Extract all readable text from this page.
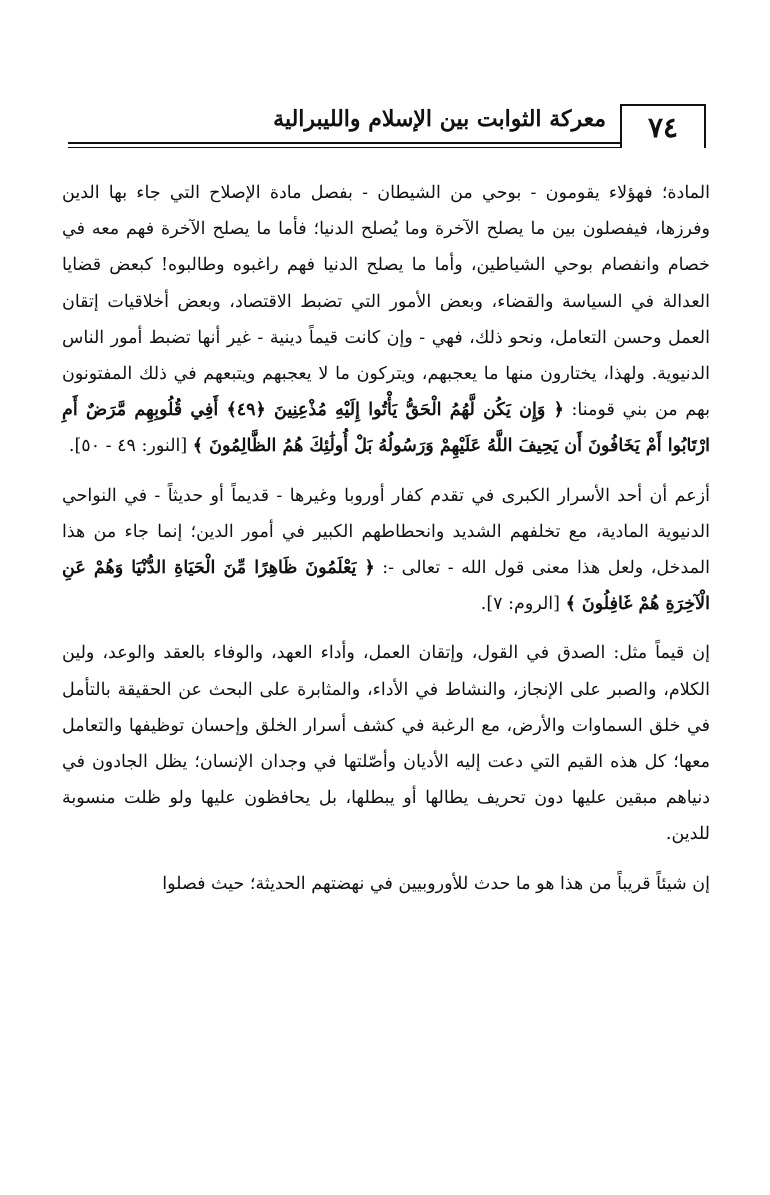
٧٤
معركة الثوابت بين الإسلام والليبرالية

المادة؛ فهؤلاء يقومون - بوحي من الشيطان - بفصل مادة الإصلاح التي جاء بها الدين وفرزها، فيفصلون بين ما يصلح الآخرة وما يُصلح الدنيا؛ فأما ما يصلح الآخرة فهم معه في خصام وانفصام بوحي الشياطين، وأما ما يصلح الدنيا فهم راغبوه وطالبوه! كبعض قضايا العدالة في السياسة والقضاء، وبعض الأمور التي تضبط الاقتصاد، وبعض أخلاقيات إتقان العمل وحسن التعامل، ونحو ذلك، فهي - وإن كانت قيماً دينية - غير أنها تضبط أمور الناس الدنيوية. ولهذا، يختارون منها ما يعجبهم، ويتركون ما لا يعجبهم ويتبعهم في ذلك المفتونون بهم من بني قومنا: ﴿ وَإِن يَكُن لَّهُمُ الْحَقُّ يَأْتُوا إِلَيْهِ مُذْعِنِينَ ﴿٤٩﴾ أَفِي قُلُوبِهِم مَّرَضٌ أَمِ ارْتَابُوا أَمْ يَخَافُونَ أَن يَحِيفَ اللَّهُ عَلَيْهِمْ وَرَسُولُهُ بَلْ أُولَٰئِكَ هُمُ الظَّالِمُونَ ﴾ [النور: ٤٩ - ٥٠].

أزعم أن أحد الأسرار الكبرى في تقدم كفار أوروبا وغيرها - قديماً أو حديثاً - في النواحي الدنيوية المادية، مع تخلفهم الشديد وانحطاطهم الكبير في أمور الدين؛ إنما جاء من هذا المدخل، ولعل هذا معنى قول الله - تعالى -: ﴿ يَعْلَمُونَ ظَاهِرًا مِّنَ الْحَيَاةِ الدُّنْيَا وَهُمْ عَنِ الْآخِرَةِ هُمْ غَافِلُونَ ﴾ [الروم: ٧].

إن قيماً مثل: الصدق في القول، وإتقان العمل، وأداء العهد، والوفاء بالعقد والوعد، ولين الكلام، والصبر على الإنجاز، والنشاط في الأداء، والمثابرة على البحث عن الحقيقة بالتأمل في خلق السماوات والأرض، مع الرغبة في كشف أسرار الخلق وإحسان توظيفها والتعامل معها؛ كل هذه القيم التي دعت إليه الأديان وأصّلتها في وجدان الإنسان؛ يظل الجادون في دنياهم مبقين عليها دون تحريف يطالها أو يبطلها، بل يحافظون عليها ولو ظلت منسوبة للدين.

إن شيئاً قريباً من هذا هو ما حدث للأوروبيين في نهضتهم الحديثة؛ حيث فصلوا
